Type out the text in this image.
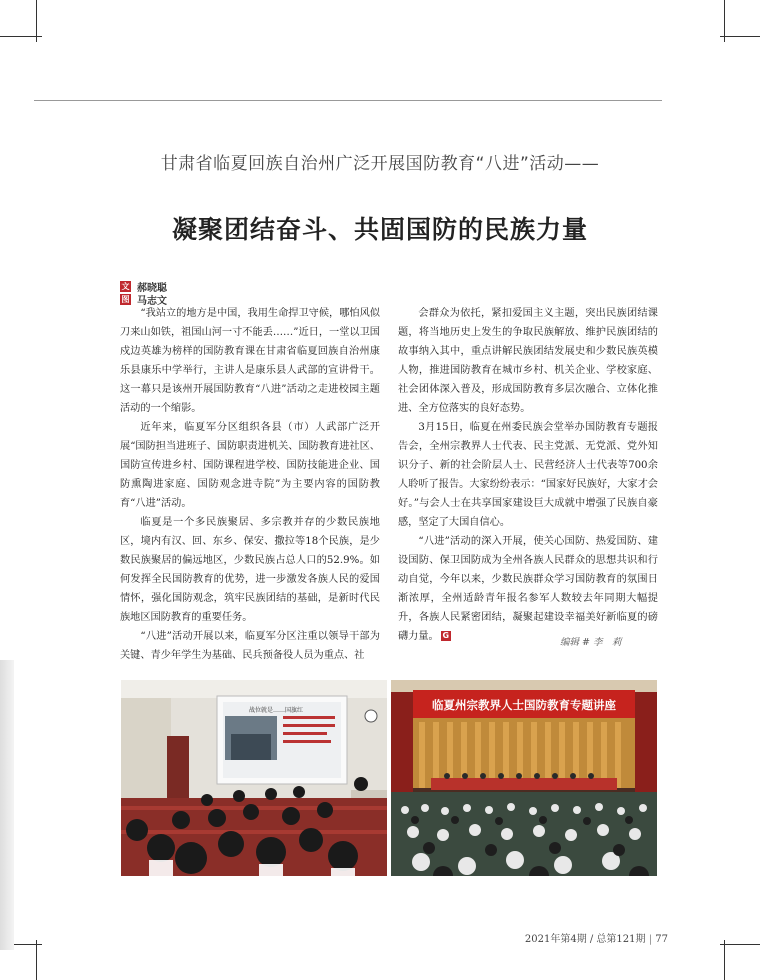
甘肃省临夏回族自治州广泛开展国防教育“八进”活动——
凝聚团结奋斗、共固国防的民族力量
文 郝晓聪
图 马志文

“我站立的地方是中国，我用生命捍卫守候，哪怕风似刀来山如铁，祖国山河一寸不能丢……”近日，一堂以卫国戍边英雄为榜样的国防教育课在甘肃省临夏回族自治州康乐县康乐中学举行，主讲人是康乐县人武部的宣讲骨干。这一幕只是该州开展国防教育“八进”活动之走进校园主题活动的一个缩影。

近年来，临夏军分区组织各县（市）人武部广泛开展“国防担当进班子、国防职责进机关、国防教育进社区、国防宣传进乡村、国防课程进学校、国防技能进企业、国防熏陶进家庭、国防观念进寺院”为主要内容的国防教育“八进”活动。

临夏是一个多民族聚居、多宗教并存的少数民族地区，境内有汉、回、东乡、保安、撒拉等18个民族，是少数民族聚居的偏远地区，少数民族占总人口的52.9%。如何发挥全民国防教育的优势，进一步激发各族人民的爱国情怀，强化国防观念，筑牢民族团结的基础，是新时代民族地区国防教育的重要任务。

“八进”活动开展以来，临夏军分区注重以领导干部为关键、青少年学生为基础、民兵预备役人员为重点、社

会群众为依托，紧扣爱国主义主题，突出民族团结课题，将当地历史上发生的争取民族解放、维护民族团结的故事纳入其中，重点讲解民族团结发展史和少数民族英模人物，推进国防教育在城市乡村、机关企业、学校家庭、社会团体深入普及，形成国防教育多层次融合、立体化推进、全方位落实的良好态势。

3月15日，临夏在州委民族会堂举办国防教育专题报告会，全州宗教界人士代表、民主党派、无党派、党外知识分子、新的社会阶层人士、民营经济人士代表等700余人聆听了报告。大家纷纷表示：“国家好民族好，大家才会好。”与会人士在共享国家建设巨大成就中增强了民族自豪感，坚定了大国自信心。

“八进”活动的深入开展，使关心国防、热爱国防、建设国防、保卫国防成为全州各族人民群众的思想共识和行动自觉，今年以来，少数民族群众学习国防教育的氛围日渐浓厚，全州适龄青年报名参军人数较去年同期大幅提升，各族人民紧密团结，凝聚起建设幸福美好新临夏的磅礴力量。 G

编辑 # 李　莉
战位就是……国旗红	临夏州宗教界人士国防教育专题讲座
2021年第4期 / 总第121期 | 77
